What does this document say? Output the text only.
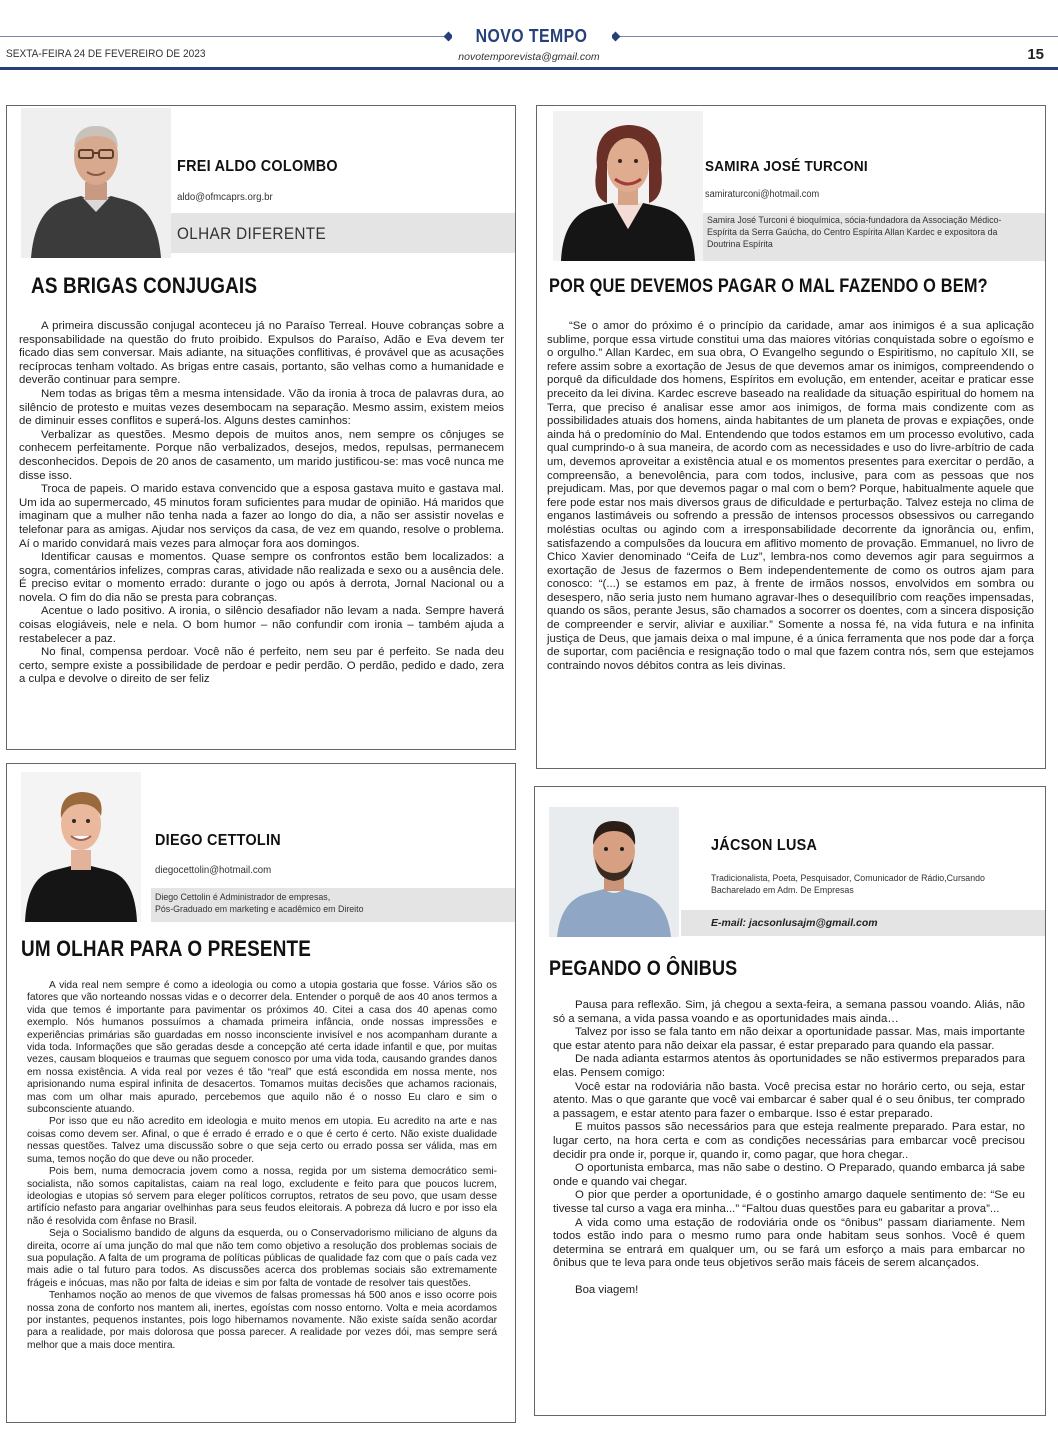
NOVO TEMPO
SEXTA-FEIRA 24 DE FEVEREIRO DE 2023	novotemporevista@gmail.com	15
FREI ALDO COLOMBO
aldo@ofmcaprs.org.br
OLHAR DIFERENTE
AS BRIGAS CONJUGAIS

A primeira discussão conjugal aconteceu já no Paraíso Terreal. Houve cobranças sobre a responsabilidade na questão do fruto proibido. Expulsos do Paraíso, Adão e Eva devem ter ficado dias sem conversar. Mais adiante, na situações conflitivas, é provável que as acusações recíprocas tenham voltado. As brigas entre casais, portanto, são velhas como a humanidade e deverão continuar para sempre.

Nem todas as brigas têm a mesma intensidade. Vão da ironia à troca de palavras dura, ao silêncio de protesto e muitas vezes desembocam na separação. Mesmo assim, existem meios de diminuir esses conflitos e superá-los. Alguns destes caminhos:

Verbalizar as questões. Mesmo depois de muitos anos, nem sempre os cônjuges se conhecem perfeitamente. Porque não verbalizados, desejos, medos, repulsas, permanecem desconhecidos. Depois de 20 anos de casamento, um marido justificou-se: mas você nunca me disse isso.

Troca de papeis. O marido estava convencido que a esposa gastava muito e gastava mal. Um ida ao supermercado, 45 minutos foram suficientes para mudar de opinião. Há maridos que imaginam que a mulher não tenha nada a fazer ao longo do dia, a não ser assistir novelas e telefonar para as amigas. Ajudar nos serviços da casa, de vez em quando, resolve o problema. Aí o marido convidará mais vezes para almoçar fora aos domingos.

Identificar causas e momentos. Quase sempre os confrontos estão bem localizados: a sogra, comentários infelizes, compras caras, atividade não realizada e sexo ou a ausência dele. É preciso evitar o momento errado: durante o jogo ou após à derrota, Jornal Nacional ou a novela. O fim do dia não se presta para cobranças.

Acentue o lado positivo. A ironia, o silêncio desafiador não levam a nada. Sempre haverá coisas elogiáveis, nele e nela. O bom humor – não confundir com ironia – também ajuda a restabelecer a paz.

No final, compensa perdoar. Você não é perfeito, nem seu par é perfeito. Se nada deu certo, sempre existe a possibilidade de perdoar e pedir perdão. O perdão, pedido e dado, zera a culpa e devolve o direito de ser feliz

SAMIRA JOSÉ TURCONI
samiraturconi@hotmail.com
Samira José Turconi é bioquímica, sócia-fundadora da Associação Médico-Espírita da Serra Gaúcha, do Centro Espírita Allan Kardec e expositora da Doutrina Espírita
POR QUE DEVEMOS PAGAR O MAL FAZENDO O BEM?

“Se o amor do próximo é o princípio da caridade, amar aos inimigos é a sua aplicação sublime, porque essa virtude constitui uma das maiores vitórias conquistada sobre o egoísmo e o orgulho.” Allan Kardec, em sua obra, O Evangelho segundo o Espiritismo, no capítulo XII, se refere assim sobre a exortação de Jesus de que devemos amar os inimigos, compreendendo o porquê da dificuldade dos homens, Espíritos em evolução, em entender, aceitar e praticar esse preceito da lei divina. Kardec escreve baseado na realidade da situação espiritual do homem na Terra, que preciso é analisar esse amor aos inimigos, de forma mais condizente com as possibilidades atuais dos homens, ainda habitantes de um planeta de provas e expiações, onde ainda há o predomínio do Mal. Entendendo que todos estamos em um processo evolutivo, cada qual cumprindo-o à sua maneira, de acordo com as necessidades e uso do livre-arbítrio de cada um, devemos aproveitar a existência atual e os momentos presentes para exercitar o perdão, a compreensão, a benevolência, para com todos, inclusive, para com as pessoas que nos prejudicam. Mas, por que devemos pagar o mal com o bem? Porque, habitualmente aquele que fere pode estar nos mais diversos graus de dificuldade e perturbação. Talvez esteja no clima de enganos lastimáveis ou sofrendo a pressão de intensos processos obsessivos ou carregando moléstias ocultas ou agindo com a irresponsabilidade decorrente da ignorância ou, enfim, satisfazendo a compulsões da loucura em aflitivo momento de provação. Emmanuel, no livro de Chico Xavier denominado “Ceifa de Luz”, lembra-nos como devemos agir para seguirmos a exortação de Jesus de fazermos o Bem independentemente de como os outros ajam para conosco: “(...) se estamos em paz, à frente de irmãos nossos, envolvidos em sombra ou desespero, não seria justo nem humano agravar-lhes o desequilíbrio com reações impensadas, quando os sãos, perante Jesus, são chamados a socorrer os doentes, com a sincera disposição de compreender e servir, aliviar e auxiliar.” Somente a nossa fé, na vida futura e na infinita justiça de Deus, que jamais deixa o mal impune, é a única ferramenta que nos pode dar a força de suportar, com paciência e resignação todo o mal que fazem contra nós, sem que estejamos contraindo novos débitos contra as leis divinas.

DIEGO CETTOLIN
diegocettolin@hotmail.com
Diego Cettolin é Administrador de empresas,
Pós-Graduado em marketing e acadêmico em Direito
UM OLHAR PARA O PRESENTE

A vida real nem sempre é como a ideologia ou como a utopia gostaria que fosse. Vários são os fatores que vão norteando nossas vidas e o decorrer dela. Entender o porquê de aos 40 anos termos a vida que temos é importante para pavimentar os próximos 40. Citei a casa dos 40 apenas como exemplo. Nós humanos possuímos a chamada primeira infância, onde nossas impressões e experiências primárias são guardadas em nosso inconsciente invisível e nos acompanham durante a vida toda. Informações que são geradas desde a concepção até certa idade infantil e que, por muitas vezes, causam bloqueios e traumas que seguem conosco por uma vida toda, causando grandes danos em nossa existência. A vida real por vezes é tão “real” que está escondida em nossa mente, nos aprisionando numa espiral infinita de desacertos. Tomamos muitas decisões que achamos racionais, mas com um olhar mais apurado, percebemos que aquilo não é o nosso Eu claro e sim o subconsciente atuando.

Por isso que eu não acredito em ideologia e muito menos em utopia. Eu acredito na arte e nas coisas como devem ser. Afinal, o que é errado é errado e o que é certo é certo. Não existe dualidade nessas questões. Talvez uma discussão sobre o que seja certo ou errado possa ser válida, mas em suma, temos noção do que deve ou não proceder.

Pois bem, numa democracia jovem como a nossa, regida por um sistema democrático semi-socialista, não somos capitalistas, caiam na real logo, excludente e feito para que poucos lucrem, ideologias e utopias só servem para eleger políticos corruptos, retratos de seu povo, que usam desse artifício nefasto para angariar ovelhinhas para seus feudos eleitorais. A pobreza dá lucro e por isso ela não é resolvida com ênfase no Brasil.

Seja o Socialismo bandido de alguns da esquerda, ou o Conservadorismo miliciano de alguns da direita, ocorre aí uma junção do mal que não tem como objetivo a resolução dos problemas sociais de sua população. A falta de um programa de políticas públicas de qualidade faz com que o país cada vez mais adie o tal futuro para todos. As discussões acerca dos problemas sociais são extremamente frágeis e inócuas, mas não por falta de ideias e sim por falta de vontade de resolver tais questões.

Tenhamos noção ao menos de que vivemos de falsas promessas há 500 anos e isso ocorre pois nossa zona de conforto nos mantem ali, inertes, egoístas com nosso entorno. Volta e meia acordamos por instantes, pequenos instantes, pois logo hibernamos novamente. Não existe saída senão acordar para a realidade, por mais dolorosa que possa parecer. A realidade por vezes dói, mas sempre será melhor que a mais doce mentira.

JÁCSON LUSA
Tradicionalista, Poeta, Pesquisador, Comunicador de Rádio,Cursando
Bacharelado em Adm. De Empresas
E-mail: jacsonlusajm@gmail.com
PEGANDO O ÔNIBUS

Pausa para reflexão. Sim, já chegou a sexta-feira, a semana passou voando. Aliás, não só a semana, a vida passa voando e as oportunidades mais ainda…

Talvez por isso se fala tanto em não deixar a oportunidade passar. Mas, mais importante que estar atento para não deixar ela passar, é estar preparado para quando ela passar.

De nada adianta estarmos atentos às oportunidades se não estivermos preparados para elas. Pensem comigo:

Você estar na rodoviária não basta. Você precisa estar no horário certo, ou seja, estar atento. Mas o que garante que você vai embarcar é saber qual é o seu ônibus, ter comprado a passagem, e estar atento para fazer o embarque. Isso é estar preparado.

E muitos passos são necessários para que esteja realmente preparado. Para estar, no lugar certo, na hora certa e com as condições necessárias para embarcar você precisou decidir pra onde ir, porque ir, quando ir, como pagar, que hora chegar..

O oportunista embarca, mas não sabe o destino. O Preparado, quando embarca já sabe onde e quando vai chegar.

O pior que perder a oportunidade, é o gostinho amargo daquele sentimento de: “Se eu tivesse tal curso a vaga era minha...” “Faltou duas questões para eu gabaritar a prova”...

A vida como uma estação de rodoviária onde os “ônibus” passam diariamente. Nem todos estão indo para o mesmo rumo para onde habitam seus sonhos. Você é quem determina se entrará em qualquer um, ou se fará um esforço a mais para embarcar no ônibus que te leva para onde teus objetivos serão mais fáceis de serem alcançados.

Boa viagem!
